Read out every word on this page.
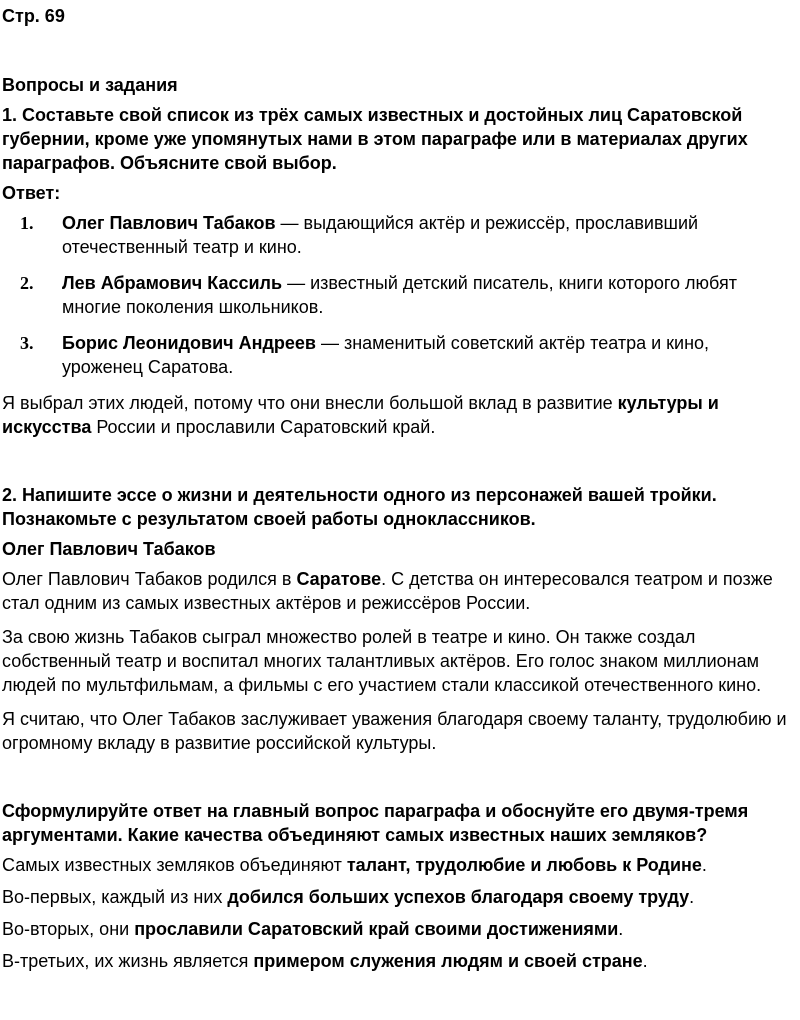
Стр. 69
Вопросы и задания
1. Составьте свой список из трёх самых известных и достойных лиц Саратовской губернии, кроме уже упомянутых нами в этом параграфе или в материалах других параграфов. Объясните свой выбор.
Ответ:
1.	Олег Павлович Табаков — выдающийся актёр и режиссёр, прославивший отечественный театр и кино.
2.	Лев Абрамович Кассиль — известный детский писатель, книги которого любят многие поколения школьников.
3.	Борис Леонидович Андреев — знаменитый советский актёр театра и кино, уроженец Саратова.

Я выбрал этих людей, потому что они внесли большой вклад в развитие культуры и искусства России и прославили Саратовский край.

2. Напишите эссе о жизни и деятельности одного из персонажей вашей тройки. Познакомьте с результатом своей работы одноклассников.
Олег Павлович Табаков

Олег Павлович Табаков родился в Саратове. С детства он интересовался театром и позже стал одним из самых известных актёров и режиссёров России.

За свою жизнь Табаков сыграл множество ролей в театре и кино. Он также создал собственный театр и воспитал многих талантливых актёров. Его голос знаком миллионам людей по мультфильмам, а фильмы с его участием стали классикой отечественного кино.

Я считаю, что Олег Табаков заслуживает уважения благодаря своему таланту, трудолюбию и огромному вкладу в развитие российской культуры.

Сформулируйте ответ на главный вопрос параграфа и обоснуйте его двумя-тремя аргументами. Какие качества объединяют самых известных наших земляков?

Самых известных земляков объединяют талант, трудолюбие и любовь к Родине.

Во-первых, каждый из них добился больших успехов благодаря своему труду.

Во-вторых, они прославили Саратовский край своими достижениями.

В-третьих, их жизнь является примером служения людям и своей стране.
